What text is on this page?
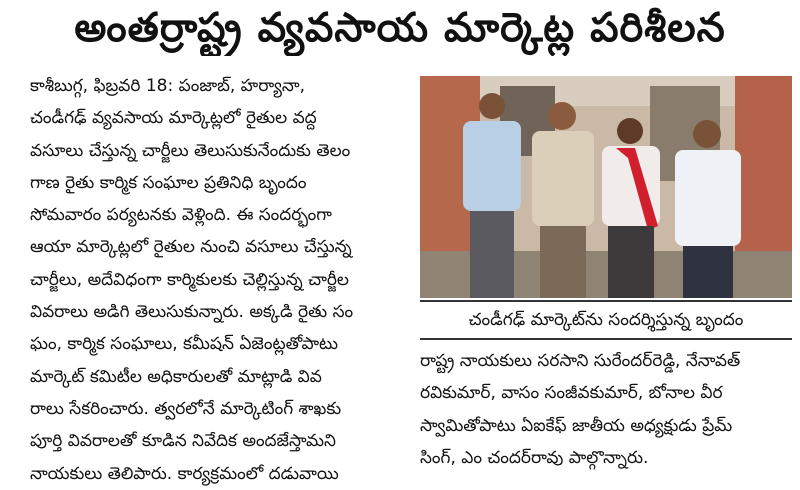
అంతర్రాష్ట్ర వ్యవసాయ మార్కెట్ల పరిశీలన

కాశీబుగ్గ, ఫిబ్రవరి 18: పంజాబ్, హర్యానా,

చండీగఢ్ వ్యవసాయ మార్కెట్లలో రైతుల వద్ద

వసూలు చేస్తున్న చార్జీలు తెలుసుకునేందుకు తెలం

గాణ రైతు కార్మిక సంఘాల ప్రతినిధి బృందం

సోమవారం పర్యటనకు వెళ్లింది. ఈ సందర్భంగా

ఆయా మార్కెట్లలో రైతుల నుంచి వసూలు చేస్తున్న

చార్జీలు, అదేవిధంగా కార్మికులకు చెల్లిస్తున్న చార్జీల

వివరాలు అడిగి తెలుసుకున్నారు. అక్కడి రైతు సం

ఘం, కార్మిక సంఘాలు, కమీషన్ ఏజెంట్లతోపాటు

మార్కెట్ కమిటీల అధికారులతో మాట్లాడి వివ

రాలు సేకరించారు. త్వరలోనే మార్కెటింగ్ శాఖకు

పూర్తి వివరాలతో కూడిన నివేదిక అందజేస్తామని

నాయకులు తెలిపారు. కార్యక్రమంలో దడువాయి

చండీగఢ్ మార్కెట్‌ను సందర్శిస్తున్న బృందం

రాష్ట్ర నాయకులు సరసాని సురేందర్‌రెడ్డి, నేనావత్

రవికుమార్, వాసం సంజీవకుమార్, బోనాల వీర

స్వామితోపాటు ఏఐకేఫ్ జాతీయ అధ్యక్షుడు ప్రేమ్

సింగ్, ఎం చందర్‌రావు పాల్గొన్నారు.
